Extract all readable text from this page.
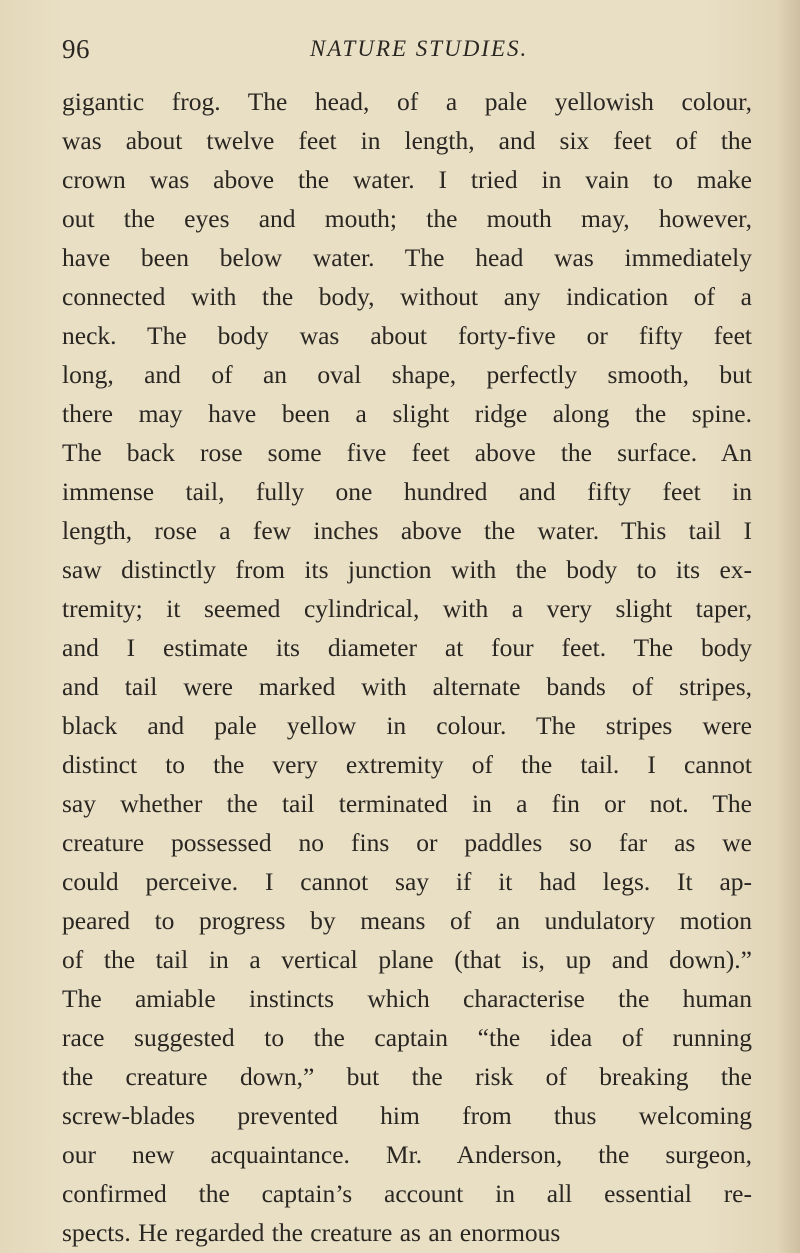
96	NATURE STUDIES.
gigantic frog. The head, of a pale yellowish colour,
was about twelve feet in length, and six feet of the
crown was above the water. I tried in vain to make
out the eyes and mouth; the mouth may, however,
have been below water. The head was immediately
connected with the body, without any indication of a
neck. The body was about forty-five or fifty feet
long, and of an oval shape, perfectly smooth, but
there may have been a slight ridge along the spine.
The back rose some five feet above the surface. An
immense tail, fully one hundred and fifty feet in
length, rose a few inches above the water. This tail I
saw distinctly from its junction with the body to its ex-
tremity; it seemed cylindrical, with a very slight taper,
and I estimate its diameter at four feet. The body
and tail were marked with alternate bands of stripes,
black and pale yellow in colour. The stripes were
distinct to the very extremity of the tail. I cannot
say whether the tail terminated in a fin or not. The
creature possessed no fins or paddles so far as we
could perceive. I cannot say if it had legs. It ap-
peared to progress by means of an undulatory motion
of the tail in a vertical plane (that is, up and down).”
The amiable instincts which characterise the human
race suggested to the captain “the idea of running
the creature down,” but the risk of breaking the
screw-blades prevented him from thus welcoming
our new acquaintance. Mr. Anderson, the surgeon,
confirmed the captain’s account in all essential re-
spects. He regarded the creature as an enormous
